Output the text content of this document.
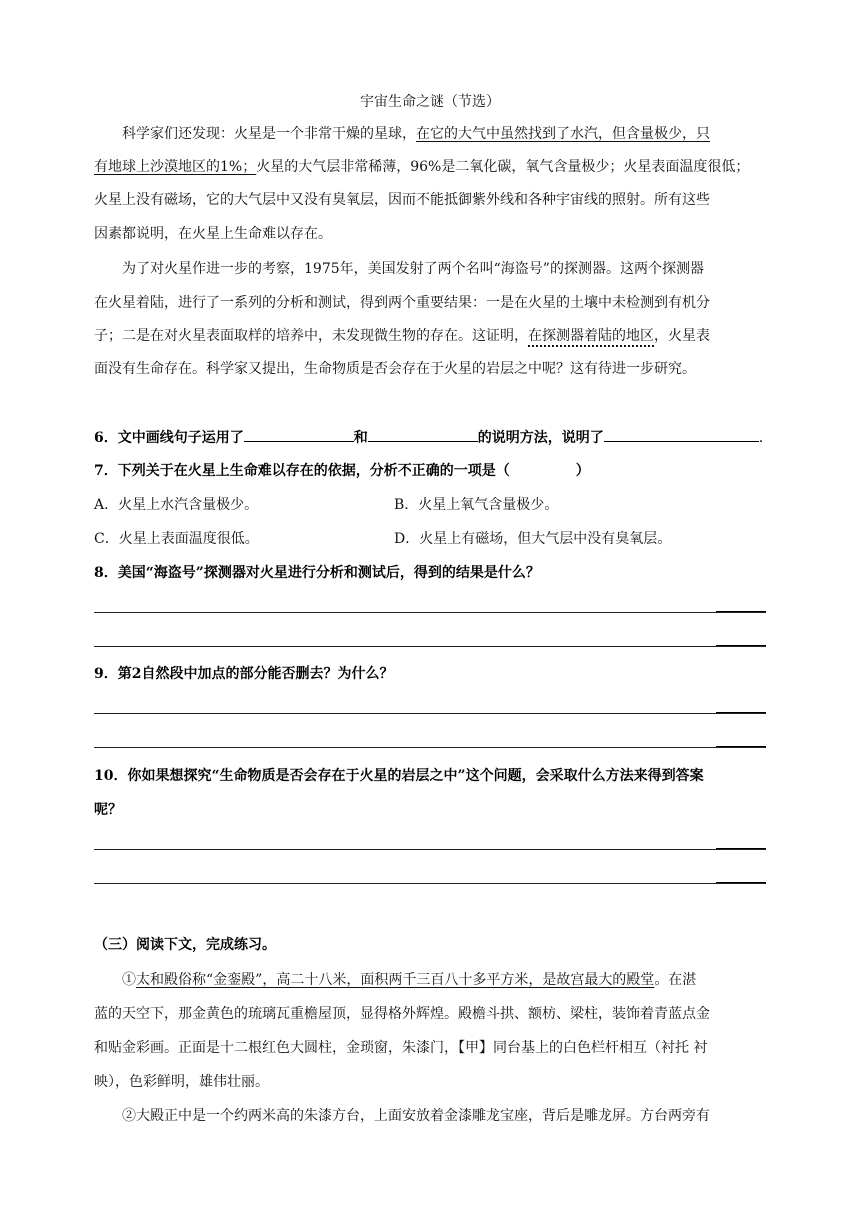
宇宙生命之谜（节选）
科学家们还发现：火星是一个非常干燥的星球，在它的大气中虽然找到了水汽，但含量极少，只
有地球上沙漠地区的1%；火星的大气层非常稀薄，96%是二氧化碳，氧气含量极少；火星表面温度很低；
火星上没有磁场，它的大气层中又没有臭氧层，因而不能抵御紫外线和各种宇宙线的照射。所有这些
因素都说明，在火星上生命难以存在。
为了对火星作进一步的考察，1975年，美国发射了两个名叫“海盗号”的探测器。这两个探测器
在火星着陆，进行了一系列的分析和测试，得到两个重要结果：一是在火星的土壤中未检测到有机分
子；二是在对火星表面取样的培养中，未发现微生物的存在。这证明，在探测器着陆的地区，火星表
面没有生命存在。科学家又提出，生命物质是否会存在于火星的岩层之中呢？这有待进一步研究。
6．文中画线句子运用了	和	的说明方法，说明了	.
7．下列关于在火星上生命难以存在的依据，分析不正确的一项是（	）
A．火星上水汽含量极少。	B．火星上氧气含量极少。
C．火星上表面温度很低。	D．火星上有磁场，但大气层中没有臭氧层。
8．美国“海盗号”探测器对火星进行分析和测试后，得到的结果是什么？
9．第2自然段中加点的部分能否删去？为什么？
10．你如果想探究“生命物质是否会存在于火星的岩层之中”这个问题，会采取什么方法来得到答案
呢？
（三）阅读下文，完成练习。
①太和殿俗称“金銮殿”，高二十八米，面积两千三百八十多平方米，是故宫最大的殿堂。在湛
蓝的天空下，那金黄色的琉璃瓦重檐屋顶，显得格外辉煌。殿檐斗拱、额枋、梁柱，装饰着青蓝点金
和贴金彩画。正面是十二根红色大圆柱，金琐窗，朱漆门，【甲】同台基上的白色栏杆相互（衬托 衬
映），色彩鲜明，雄伟壮丽。
②大殿正中是一个约两米高的朱漆方台，上面安放着金漆雕龙宝座，背后是雕龙屏。方台两旁有
